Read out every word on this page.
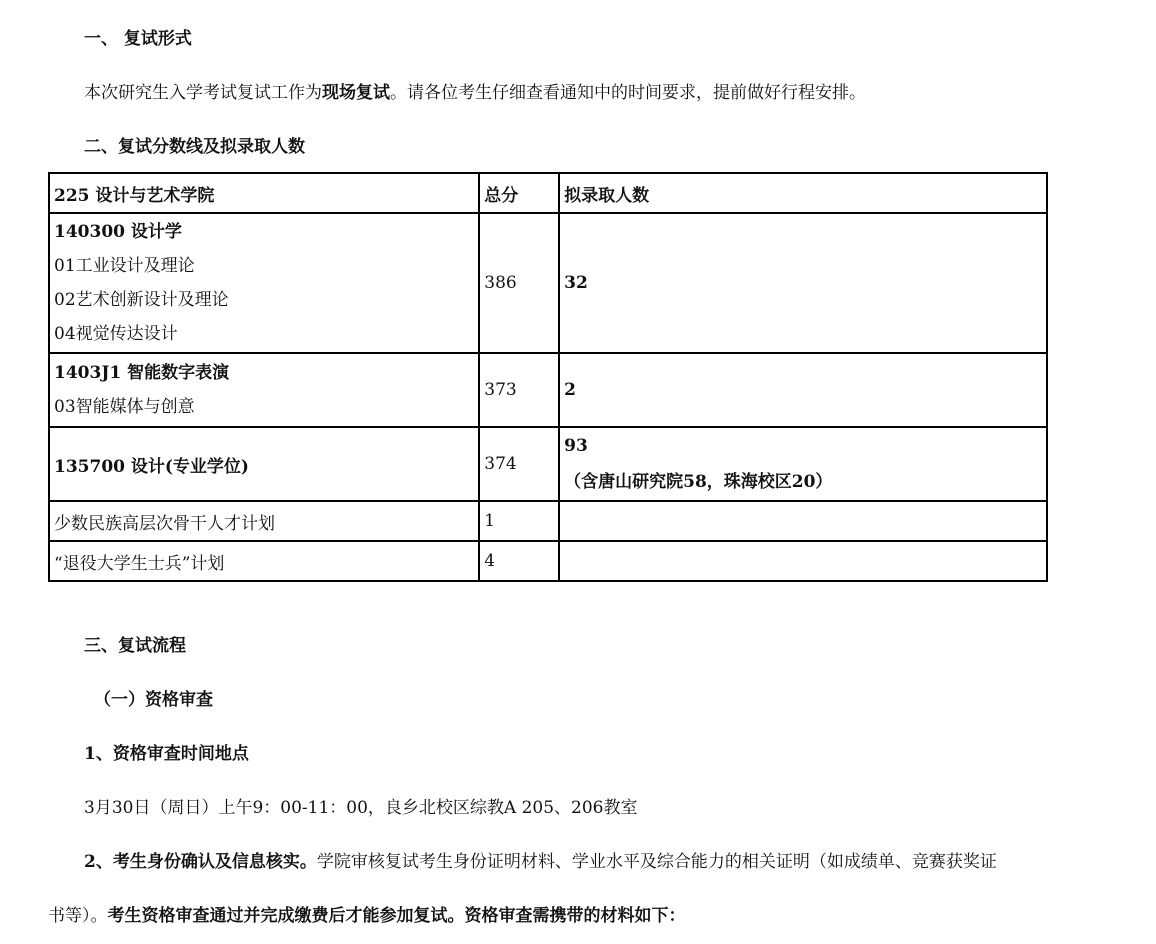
一、 复试形式
本次研究生入学考试复试工作为现场复试。请各位考生仔细查看通知中的时间要求，提前做好行程安排。
二、复试分数线及拟录取人数
225 设计与艺术学院	总分	拟录取人数

140300 设计学
01工业设计及理论
02艺术创新设计及理论
04视觉传达设计	386	32

1403J1 智能数字表演
03智能媒体与创意	373	2
135700 设计(专业学位)	374	93
（含唐山研究院58，珠海校区20）

少数民族高层次骨干人才计划	1	
“退役大学生士兵”计划	4	
三、复试流程
（一）资格审查
1、资格审查时间地点
3月30日（周日）上午9：00-11：00，良乡北校区综教A 205、206教室
2、考生身份确认及信息核实。学院审核复试考生身份证明材料、学业水平及综合能力的相关证明（如成绩单、竞赛获奖证
书等）。考生资格审查通过并完成缴费后才能参加复试。资格审查需携带的材料如下：
